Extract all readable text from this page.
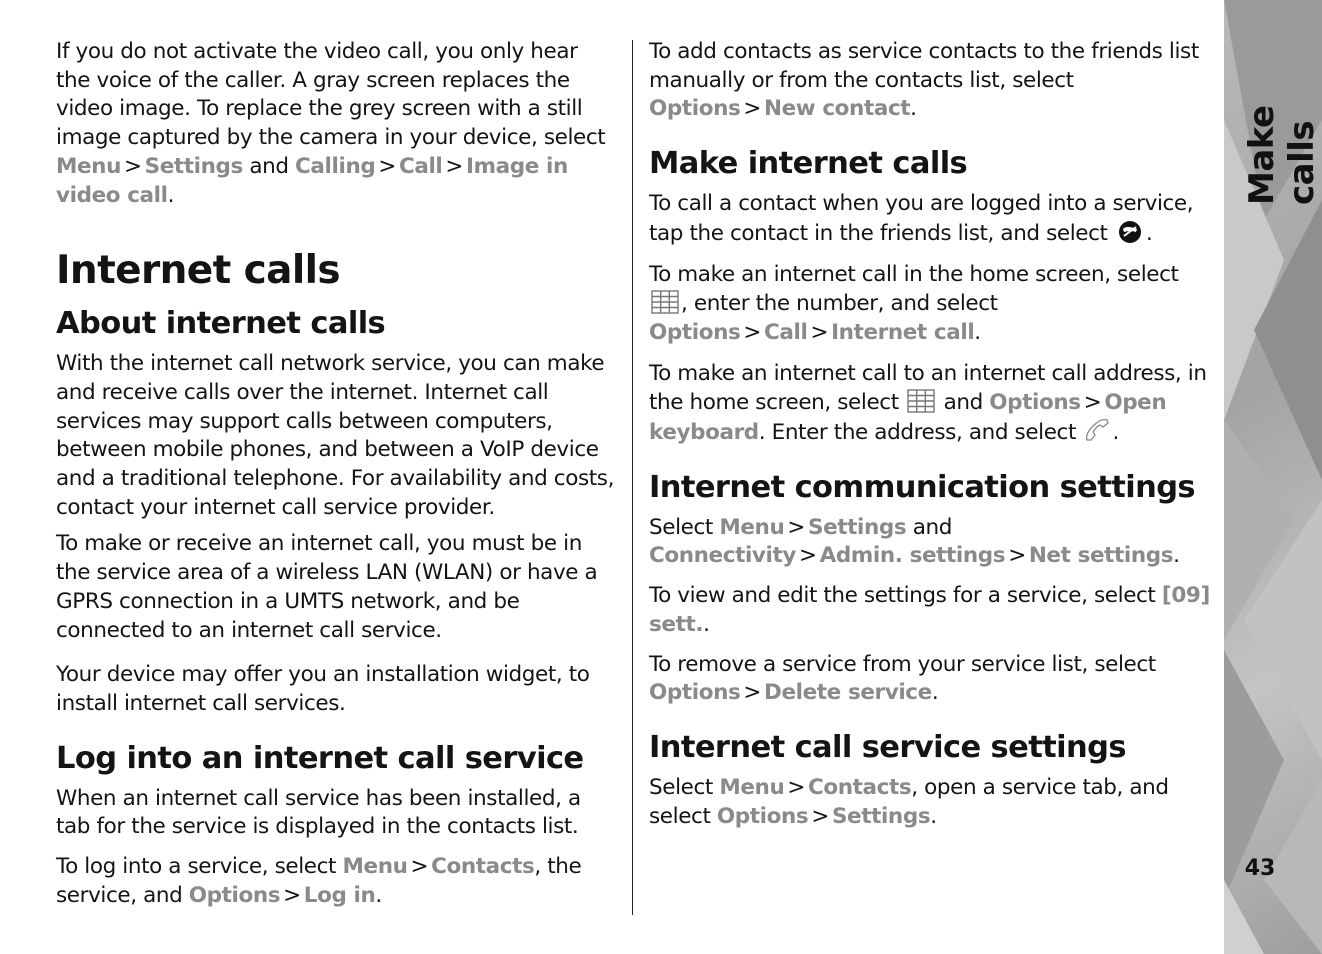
Make calls
43

If you do not activate the video call, you only hear the voice of the caller. A gray screen replaces the video image. To replace the grey screen with a still image captured by the camera in your device, select Menu > Settings and Calling > Call > Image in video call.

Internet calls
About internet calls

With the internet call network service, you can make and receive calls over the internet. Internet call services may support calls between computers, between mobile phones, and between a VoIP device and a traditional telephone. For availability and costs, contact your internet call service provider.

To make or receive an internet call, you must be in the service area of a wireless LAN (WLAN) or have a GPRS connection in a UMTS network, and be connected to an internet call service.

Your device may offer you an installation widget, to install internet call services.

Log into an internet call service

When an internet call service has been installed, a tab for the service is displayed in the contacts list.

To log into a service, select Menu > Contacts, the service, and Options > Log in.

To add contacts as service contacts to the friends list manually or from the contacts list, select Options > New contact.

Make internet calls

To call a contact when you are logged into a service, tap the contact in the friends list, and select .

To make an internet call in the home screen, select , enter the number, and select Options > Call > Internet call.

To make an internet call to an internet call address, in the home screen, select  and Options > Open keyboard. Enter the address, and select .

Internet communication settings

Select Menu > Settings and Connectivity > Admin. settings > Net settings.

To view and edit the settings for a service, select [09] sett..

To remove a service from your service list, select Options > Delete service.

Internet call service settings

Select Menu > Contacts, open a service tab, and select Options > Settings.
